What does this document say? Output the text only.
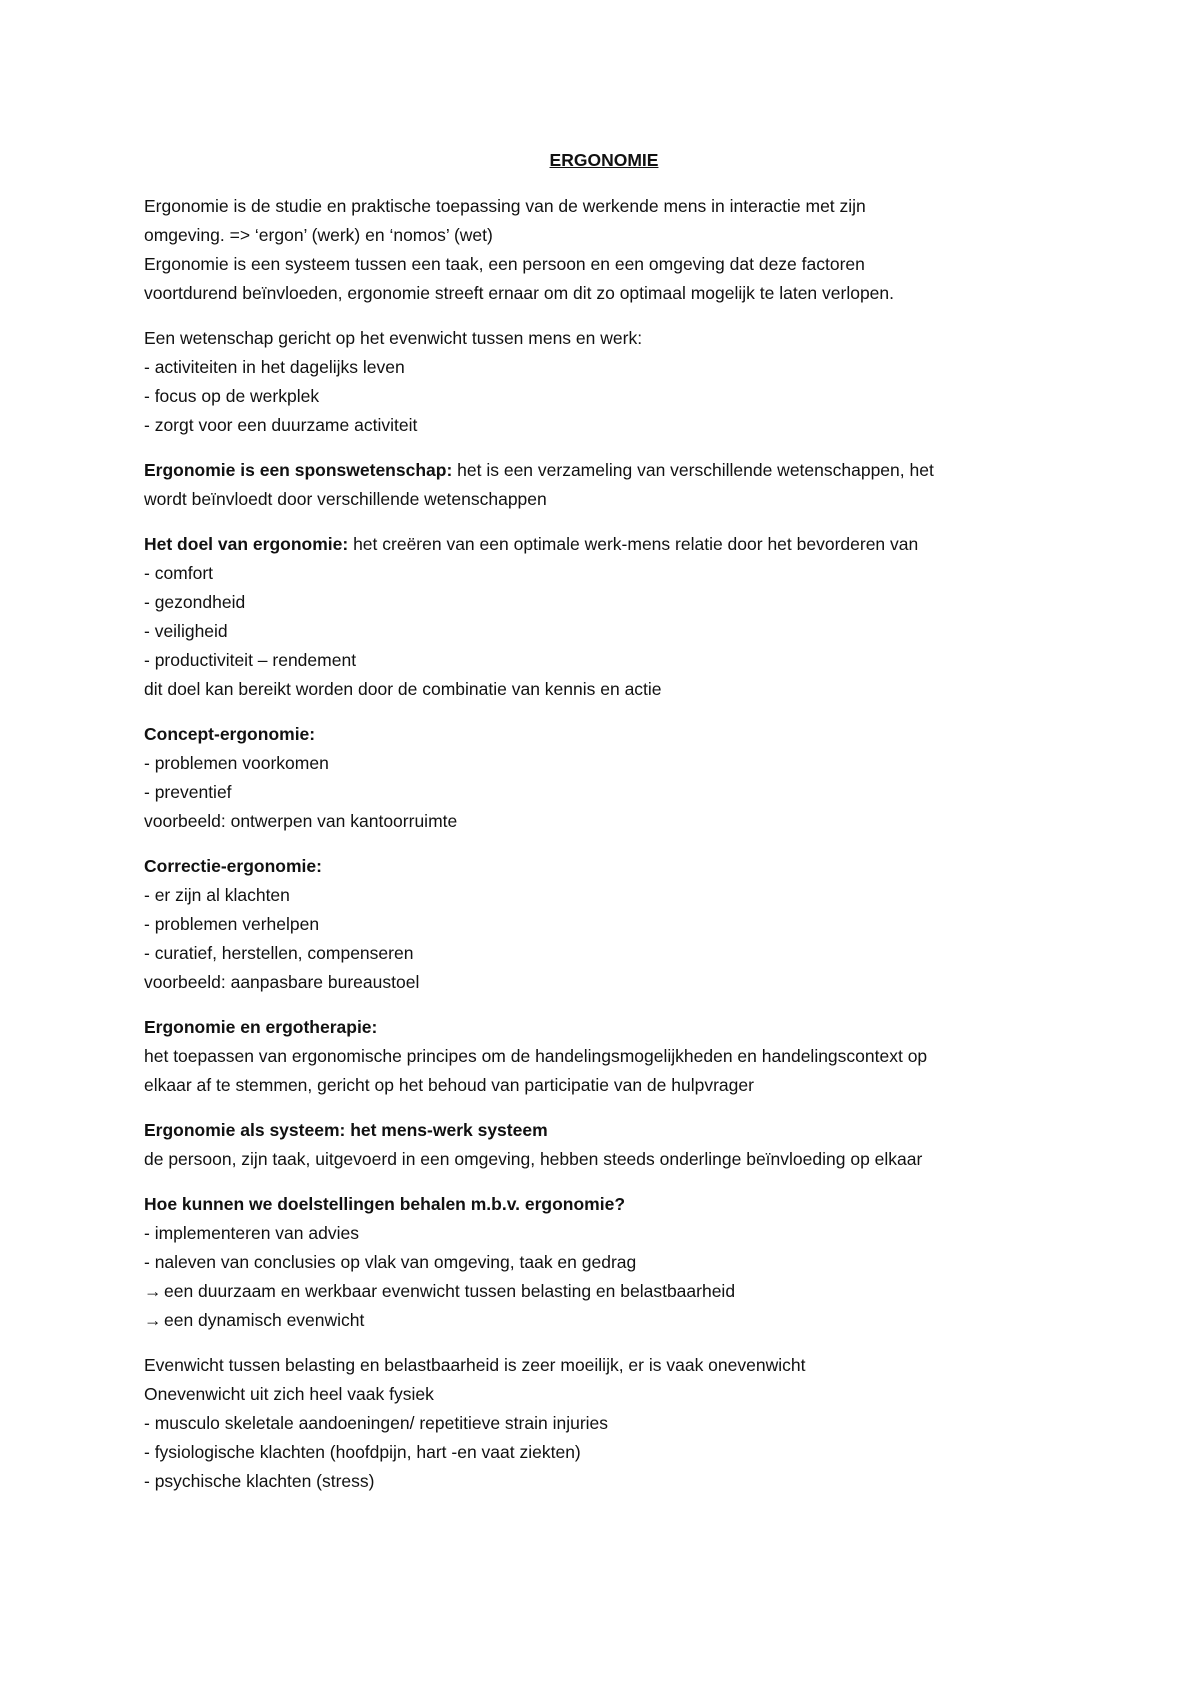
ERGONOMIE
Ergonomie is de studie en praktische toepassing van de werkende mens in interactie met zijn
omgeving. => ‘ergon’ (werk) en ‘nomos’ (wet)
Ergonomie is een systeem tussen een taak, een persoon en een omgeving dat deze factoren
voortdurend beïnvloeden, ergonomie streeft ernaar om dit zo optimaal mogelijk te laten verlopen.
Een wetenschap gericht op het evenwicht tussen mens en werk:
- activiteiten in het dagelijks leven
- focus op de werkplek
- zorgt voor een duurzame activiteit
Ergonomie is een sponswetenschap: het is een verzameling van verschillende wetenschappen, het
wordt beïnvloedt door verschillende wetenschappen
Het doel van ergonomie: het creëren van een optimale werk-mens relatie door het bevorderen van
- comfort
- gezondheid
- veiligheid
- productiviteit – rendement
dit doel kan bereikt worden door de combinatie van kennis en actie
Concept-ergonomie:
- problemen voorkomen
- preventief
voorbeeld: ontwerpen van kantoorruimte
Correctie-ergonomie:
- er zijn al klachten
- problemen verhelpen
- curatief, herstellen, compenseren
voorbeeld: aanpasbare bureaustoel
Ergonomie en ergotherapie:
het toepassen van ergonomische principes om de handelingsmogelijkheden en handelingscontext op
elkaar af te stemmen, gericht op het behoud van participatie van de hulpvrager
Ergonomie als systeem: het mens-werk systeem
de persoon, zijn taak, uitgevoerd in een omgeving, hebben steeds onderlinge beïnvloeding op elkaar
Hoe kunnen we doelstellingen behalen m.b.v. ergonomie?
- implementeren van advies
- naleven van conclusies op vlak van omgeving, taak en gedrag
→ een duurzaam en werkbaar evenwicht tussen belasting en belastbaarheid
→ een dynamisch evenwicht
Evenwicht tussen belasting en belastbaarheid is zeer moeilijk, er is vaak onevenwicht
Onevenwicht uit zich heel vaak fysiek
- musculo skeletale aandoeningen/ repetitieve strain injuries
- fysiologische klachten (hoofdpijn, hart -en vaat ziekten)
- psychische klachten (stress)
